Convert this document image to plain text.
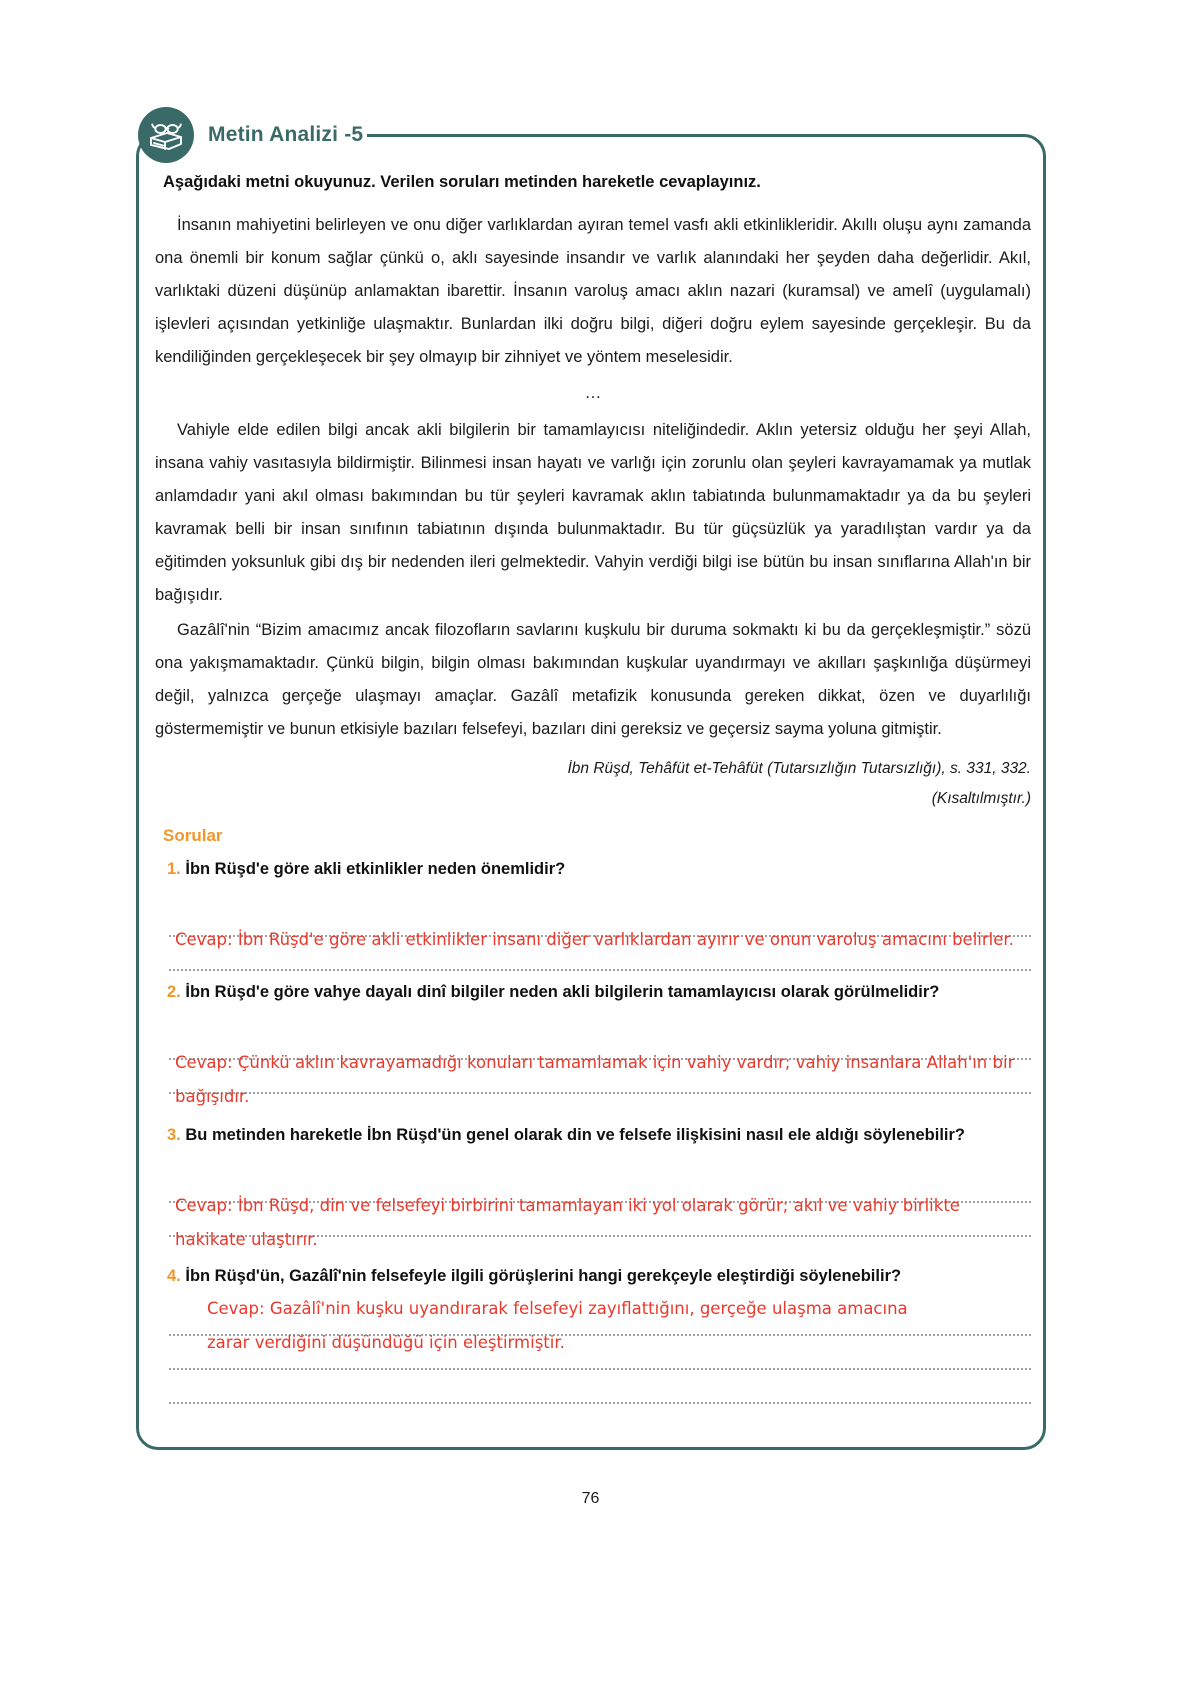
Metin Analizi -5
Aşağıdaki metni okuyunuz. Verilen soruları metinden hareketle cevaplayınız.

İnsanın mahiyetini belirleyen ve onu diğer varlıklardan ayıran temel vasfı akli etkinlikleridir. Akıllı oluşu aynı zamanda ona önemli bir konum sağlar çünkü o, aklı sayesinde insandır ve varlık alanındaki her şeyden daha değerlidir. Akıl, varlıktaki düzeni düşünüp anlamaktan ibarettir. İnsanın varoluş amacı aklın nazari (kuramsal) ve amelî (uygulamalı) işlevleri açısından yetkinliğe ulaşmaktır. Bunlardan ilki doğru bilgi, diğeri doğru eylem sayesinde gerçekleşir. Bu da kendiliğinden gerçekleşecek bir şey olmayıp bir zihniyet ve yöntem meselesidir.

…

Vahiyle elde edilen bilgi ancak akli bilgilerin bir tamamlayıcısı niteliğindedir. Aklın yetersiz olduğu her şeyi Allah, insana vahiy vasıtasıyla bildirmiştir. Bilinmesi insan hayatı ve varlığı için zorunlu olan şeyleri kavrayamamak ya mutlak anlamdadır yani akıl olması bakımından bu tür şeyleri kavramak aklın tabiatında bulunmamaktadır ya da bu şeyleri kavramak belli bir insan sınıfının tabiatının dışında bulunmaktadır. Bu tür güçsüzlük ya yaradılıştan vardır ya da eğitimden yoksunluk gibi dış bir nedenden ileri gelmektedir. Vahyin verdiği bilgi ise bütün bu insan sınıflarına Allah'ın bir bağışıdır.

Gazâlî'nin “Bizim amacımız ancak filozofların savlarını kuşkulu bir duruma sokmaktı ki bu da gerçekleşmiştir.” sözü ona yakışmamaktadır. Çünkü bilgin, bilgin olması bakımından kuşkular uyandırmayı ve akılları şaşkınlığa düşürmeyi değil, yalnızca gerçeğe ulaşmayı amaçlar. Gazâlî metafizik konusunda gereken dikkat, özen ve duyarlılığı göstermemiştir ve bunun etkisiyle bazıları felsefeyi, bazıları dini gereksiz ve geçersiz sayma yoluna gitmiştir.

İbn Rüşd, Tehâfüt et-Tehâfüt (Tutarsızlığın Tutarsızlığı), s. 331, 332.
(Kısaltılmıştır.)
Sorular
1. İbn Rüşd'e göre akli etkinlikler neden önemlidir?
Cevap: İbn Rüşd'e göre akli etkinlikler insanı diğer varlıklardan ayırır ve onun varoluş amacını belirler.
2. İbn Rüşd'e göre vahye dayalı dinî bilgiler neden akli bilgilerin tamamlayıcısı olarak görülmelidir?
Cevap: Çünkü aklın kavrayamadığı konuları tamamlamak için vahiy vardır; vahiy insanlara Allah'ın bir
bağışıdır.
3. Bu metinden hareketle İbn Rüşd'ün genel olarak din ve felsefe ilişkisini nasıl ele aldığı söylenebilir?
Cevap: İbn Rüşd, din ve felsefeyi birbirini tamamlayan iki yol olarak görür; akıl ve vahiy birlikte
hakikate ulaştırır.
4. İbn Rüşd'ün, Gazâlî'nin felsefeyle ilgili görüşlerini hangi gerekçeyle eleştirdiği söylenebilir?
Cevap: Gazâlî'nin kuşku uyandırarak felsefeyi zayıflattığını, gerçeğe ulaşma amacına
zarar verdiğini düşündüğü için eleştirmiştir.
76
